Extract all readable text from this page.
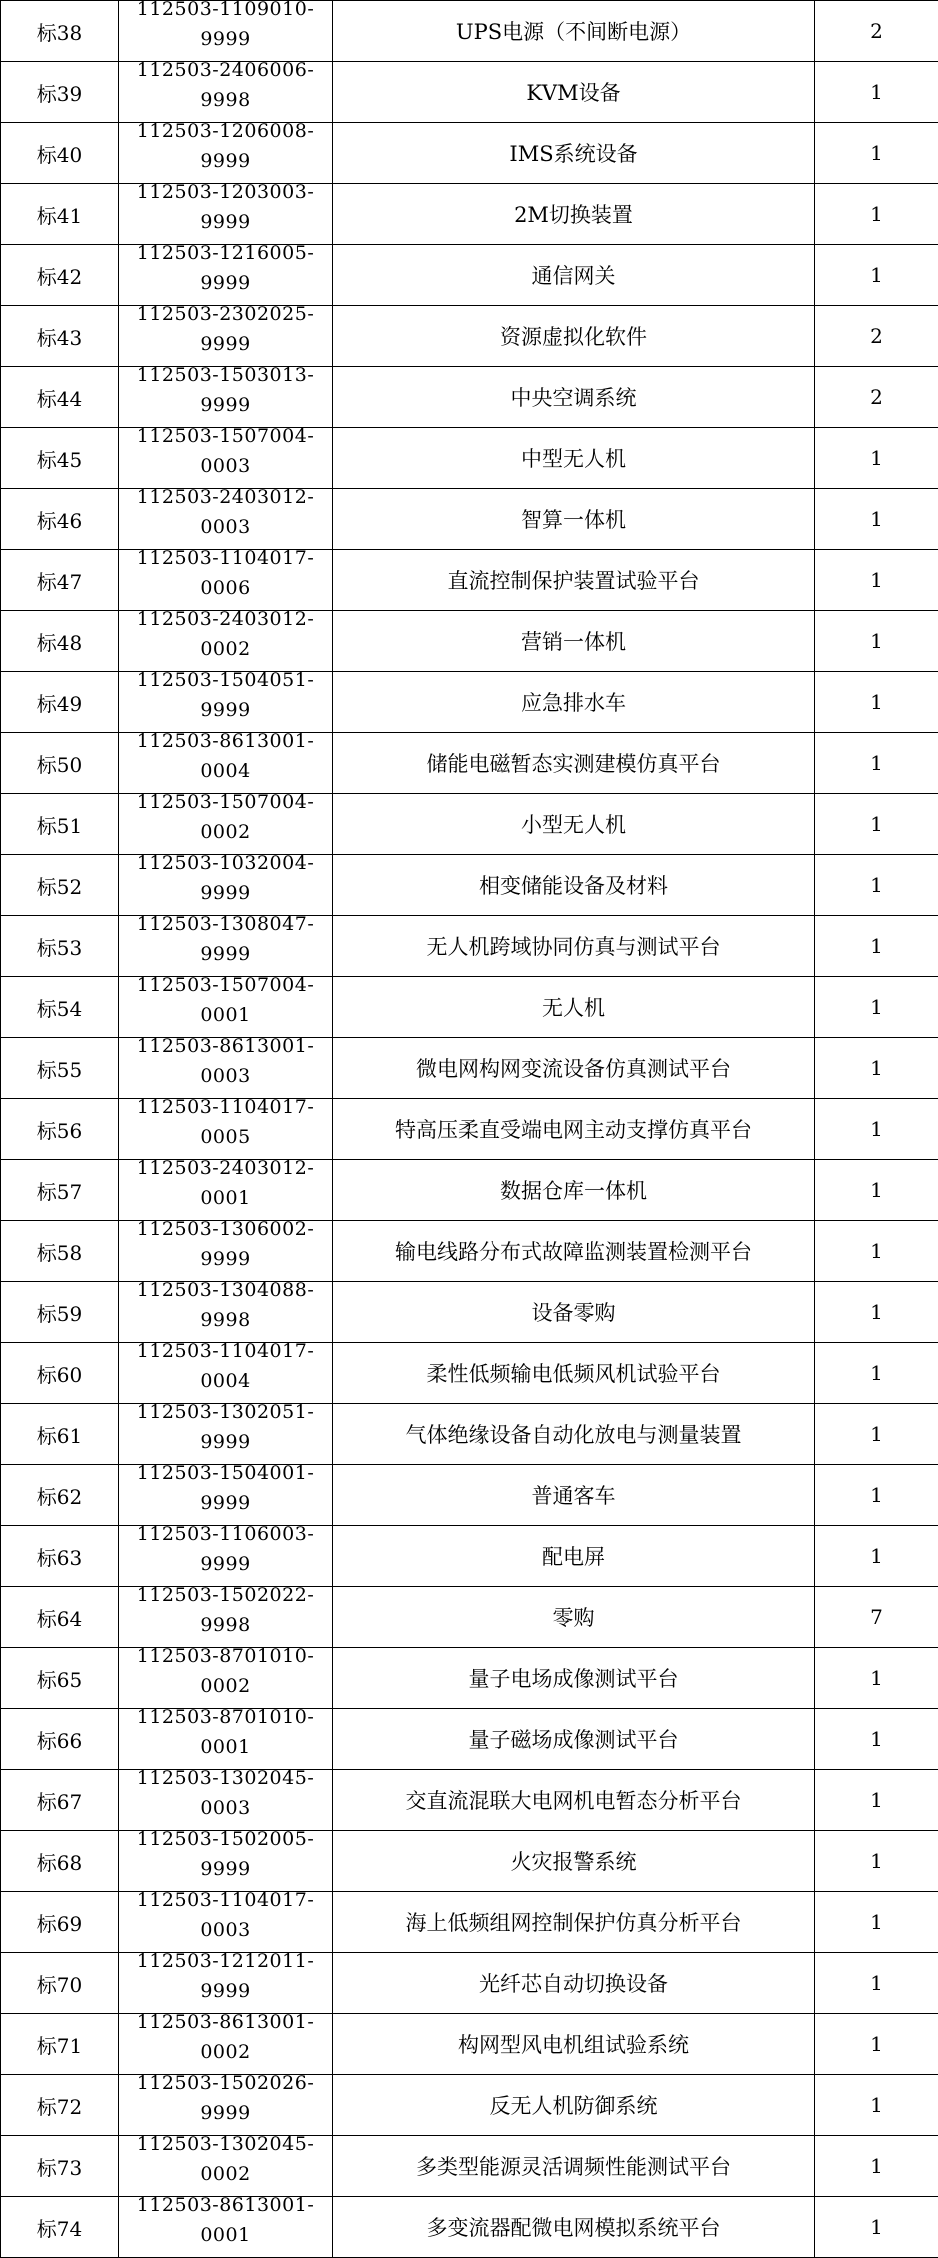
标38	112503-1109010-
9999	UPS电源（不间断电源）	2
标39	112503-2406006-
9998	KVM设备	1
标40	112503-1206008-
9999	IMS系统设备	1
标41	112503-1203003-
9999	2M切换装置	1
标42	112503-1216005-
9999	通信网关	1
标43	112503-2302025-
9999	资源虚拟化软件	2
标44	112503-1503013-
9999	中央空调系统	2
标45	112503-1507004-
0003	中型无人机	1
标46	112503-2403012-
0003	智算一体机	1
标47	112503-1104017-
0006	直流控制保护装置试验平台	1
标48	112503-2403012-
0002	营销一体机	1
标49	112503-1504051-
9999	应急排水车	1
标50	112503-8613001-
0004	储能电磁暂态实测建模仿真平台	1
标51	112503-1507004-
0002	小型无人机	1
标52	112503-1032004-
9999	相变储能设备及材料	1
标53	112503-1308047-
9999	无人机跨域协同仿真与测试平台	1
标54	112503-1507004-
0001	无人机	1
标55	112503-8613001-
0003	微电网构网变流设备仿真测试平台	1
标56	112503-1104017-
0005	特高压柔直受端电网主动支撑仿真平台	1
标57	112503-2403012-
0001	数据仓库一体机	1
标58	112503-1306002-
9999	输电线路分布式故障监测装置检测平台	1
标59	112503-1304088-
9998	设备零购	1
标60	112503-1104017-
0004	柔性低频输电低频风机试验平台	1
标61	112503-1302051-
9999	气体绝缘设备自动化放电与测量装置	1
标62	112503-1504001-
9999	普通客车	1
标63	112503-1106003-
9999	配电屏	1
标64	112503-1502022-
9998	零购	7
标65	112503-8701010-
0002	量子电场成像测试平台	1
标66	112503-8701010-
0001	量子磁场成像测试平台	1
标67	112503-1302045-
0003	交直流混联大电网机电暂态分析平台	1
标68	112503-1502005-
9999	火灾报警系统	1
标69	112503-1104017-
0003	海上低频组网控制保护仿真分析平台	1
标70	112503-1212011-
9999	光纤芯自动切换设备	1
标71	112503-8613001-
0002	构网型风电机组试验系统	1
标72	112503-1502026-
9999	反无人机防御系统	1
标73	112503-1302045-
0002	多类型能源灵活调频性能测试平台	1
标74	112503-8613001-
0001	多变流器配微电网模拟系统平台	1
